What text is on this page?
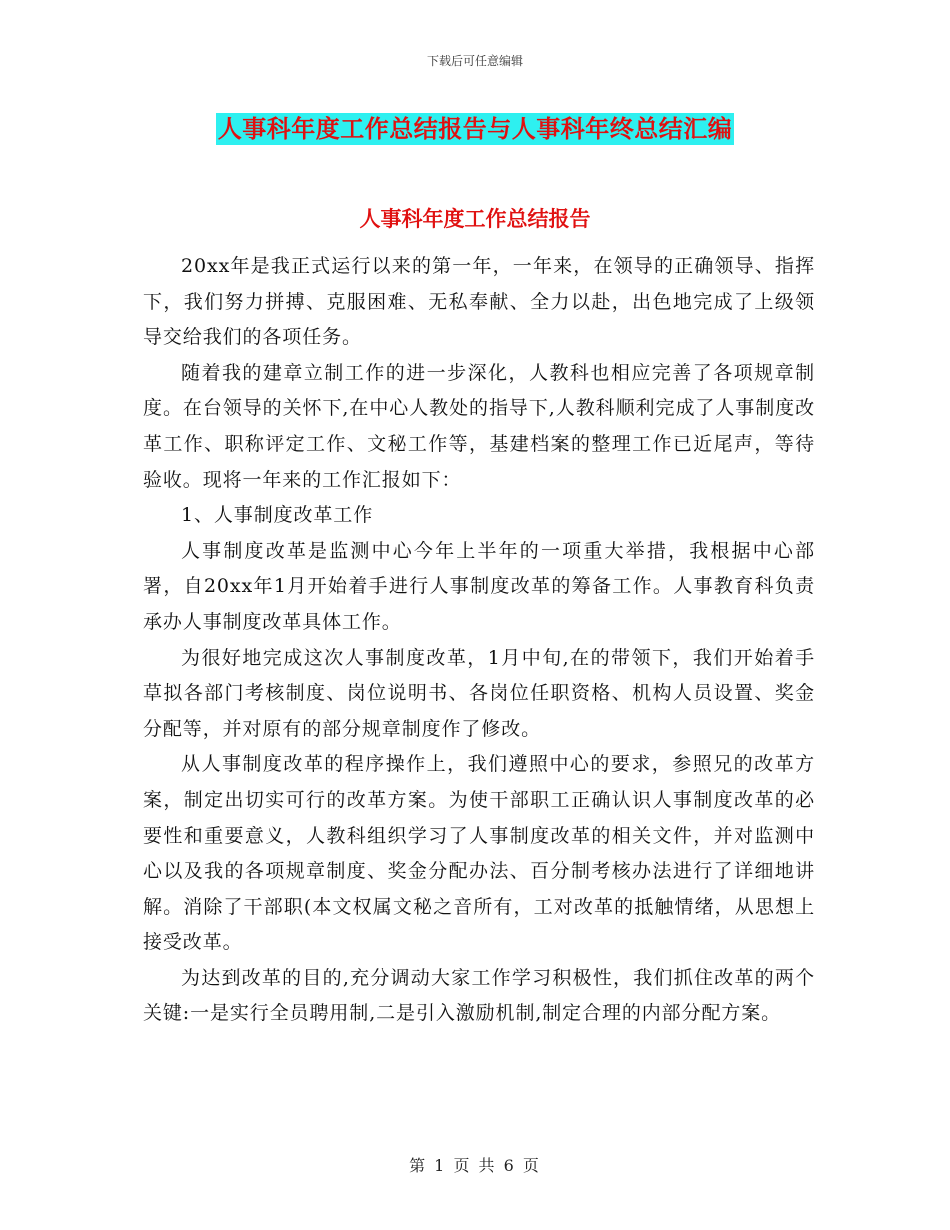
下载后可任意编辑
人事科年度工作总结报告与人事科年终总结汇编
人事科年度工作总结报告

20xx年是我正式运行以来的第一年，一年来，在领导的正确领导、指挥下，我们努力拼搏、克服困难、无私奉献、全力以赴，出色地完成了上级领导交给我们的各项任务。

随着我的建章立制工作的进一步深化，人教科也相应完善了各项规章制度。在台领导的关怀下,在中心人教处的指导下,人教科顺利完成了人事制度改革工作、职称评定工作、文秘工作等，基建档案的整理工作已近尾声，等待验收。现将一年来的工作汇报如下：

1、人事制度改革工作

人事制度改革是监测中心今年上半年的一项重大举措，我根据中心部署，自20xx年1月开始着手进行人事制度改革的筹备工作。人事教育科负责承办人事制度改革具体工作。

为很好地完成这次人事制度改革，1月中旬,在的带领下，我们开始着手草拟各部门考核制度、岗位说明书、各岗位任职资格、机构人员设置、奖金分配等，并对原有的部分规章制度作了修改。

从人事制度改革的程序操作上，我们遵照中心的要求，参照兄的改革方案，制定出切实可行的改革方案。为使干部职工正确认识人事制度改革的必要性和重要意义，人教科组织学习了人事制度改革的相关文件，并对监测中心以及我的各项规章制度、奖金分配办法、百分制考核办法进行了详细地讲解。消除了干部职(本文权属文秘之音所有，工对改革的抵触情绪，从思想上接受改革。

为达到改革的目的,充分调动大家工作学习积极性，我们抓住改革的两个关键:一是实行全员聘用制,二是引入激励机制,制定合理的内部分配方案。

第 1 页 共 6 页
